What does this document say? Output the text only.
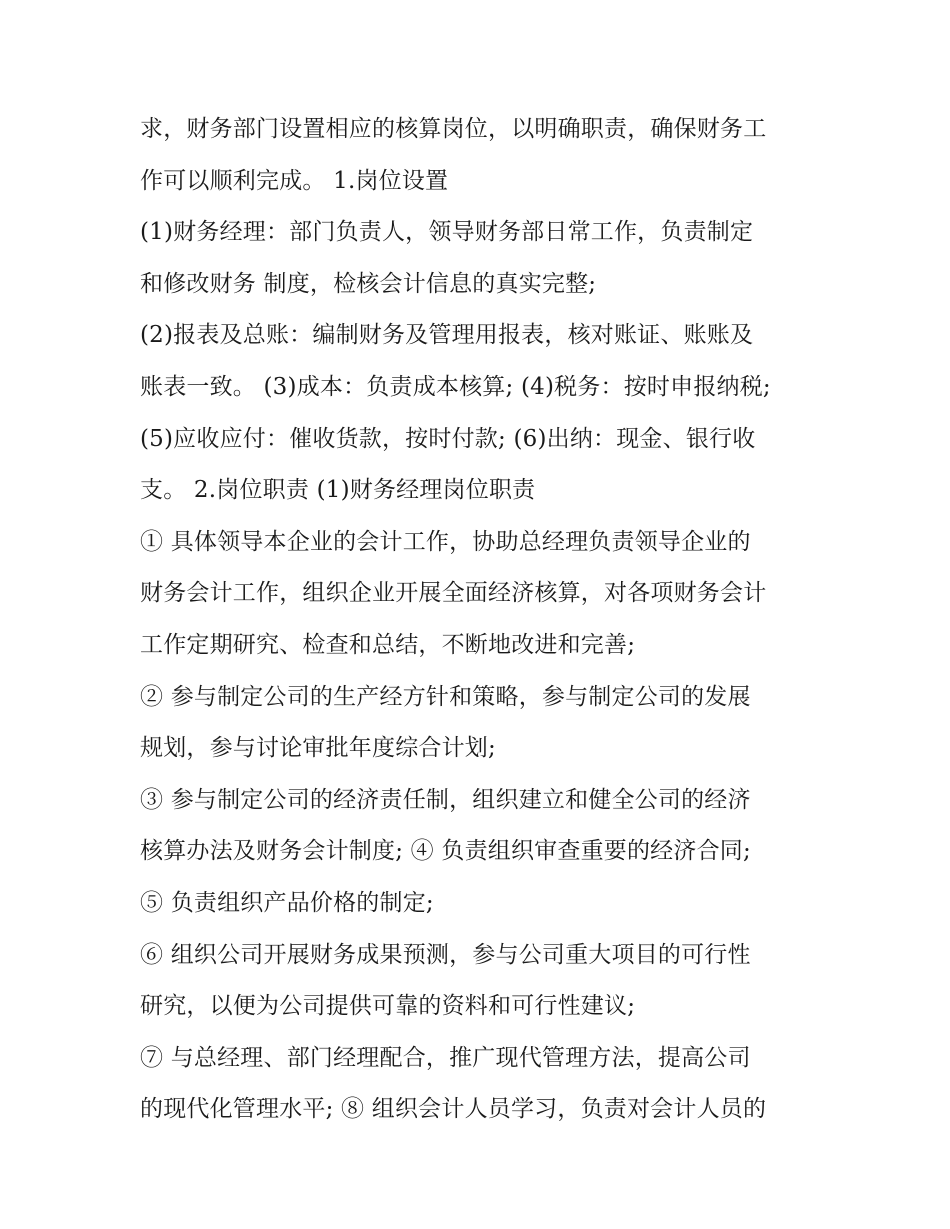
求，财务部门设置相应的核算岗位，以明确职责，确保财务工
作可以顺利完成。 1.岗位设置
(1)财务经理：部门负责人，领导财务部日常工作，负责制定
和修改财务 制度，检核会计信息的真实完整;
(2)报表及总账：编制财务及管理用报表，核对账证、账账及
账表一致。 (3)成本：负责成本核算; (4)税务：按时申报纳税;
(5)应收应付：催收货款，按时付款; (6)出纳：现金、银行收
支。 2.岗位职责 (1)财务经理岗位职责
① 具体领导本企业的会计工作，协助总经理负责领导企业的
财务会计工作，组织企业开展全面经济核算，对各项财务会计
工作定期研究、检查和总结，不断地改进和完善;
② 参与制定公司的生产经方针和策略，参与制定公司的发展
规划，参与讨论审批年度综合计划;
③ 参与制定公司的经济责任制，组织建立和健全公司的经济
核算办法及财务会计制度; ④ 负责组织审查重要的经济合同;
⑤ 负责组织产品价格的制定;
⑥ 组织公司开展财务成果预测，参与公司重大项目的可行性
研究，以便为公司提供可靠的资料和可行性建议;
⑦ 与总经理、部门经理配合，推广现代管理方法，提高公司
的现代化管理水平; ⑧ 组织会计人员学习，负责对会计人员的
